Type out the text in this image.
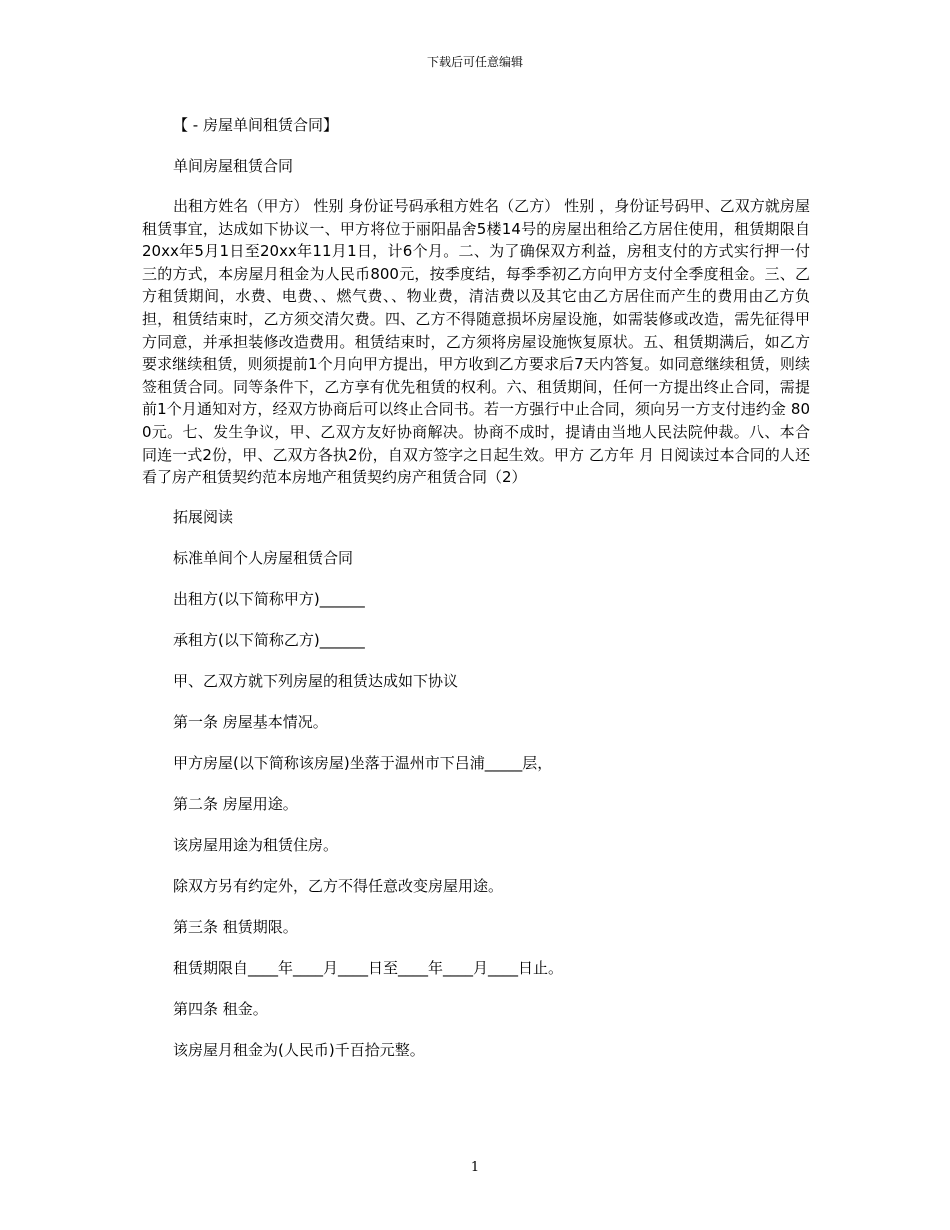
下载后可任意编辑

【 - 房屋单间租赁合同】

单间房屋租赁合同

出租方姓名（甲方） 性别 身份证号码承租方姓名（乙方） 性别 ，身份证号码甲、乙双方就房屋租赁事宜，达成如下协议一、甲方将位于丽阳晶舍5楼14号的房屋出租给乙方居住使用，租赁期限自20xx年5月1日至20xx年11月1日，计6个月。二、为了确保双方利益，房租支付的方式实行押一付三的方式，本房屋月租金为人民币800元，按季度结，每季季初乙方向甲方支付全季度租金。三、乙方租赁期间，水费、电费、、燃气费、、物业费，清洁费以及其它由乙方居住而产生的费用由乙方负担，租赁结束时，乙方须交清欠费。四、乙方不得随意损坏房屋设施，如需装修或改造，需先征得甲方同意，并承担装修改造费用。租赁结束时，乙方须将房屋设施恢复原状。五、租赁期满后，如乙方要求继续租赁，则须提前1个月向甲方提出，甲方收到乙方要求后7天内答复。如同意继续租赁，则续签租赁合同。同等条件下，乙方享有优先租赁的权利。六、租赁期间，任何一方提出终止合同，需提前1个月通知对方，经双方协商后可以终止合同书。若一方强行中止合同，须向另一方支付违约金 800元。七、发生争议，甲、乙双方友好协商解决。协商不成时，提请由当地人民法院仲裁。八、本合同连一式2份，甲、乙双方各执2份，自双方签字之日起生效。甲方 乙方年 月 日阅读过本合同的人还看了房产租赁契约范本房地产租赁契约房产租赁合同（2）

拓展阅读

标准单间个人房屋租赁合同

出租方(以下简称甲方)______

承租方(以下简称乙方)______

甲、乙双方就下列房屋的租赁达成如下协议

第一条 房屋基本情况。

甲方房屋(以下简称该房屋)坐落于温州市下吕浦_____层，

第二条 房屋用途。

该房屋用途为租赁住房。

除双方另有约定外，乙方不得任意改变房屋用途。

第三条 租赁期限。

租赁期限自____年____月____日至____年____月____日止。

第四条 租金。

该房屋月租金为(人民币)千百拾元整。

1
